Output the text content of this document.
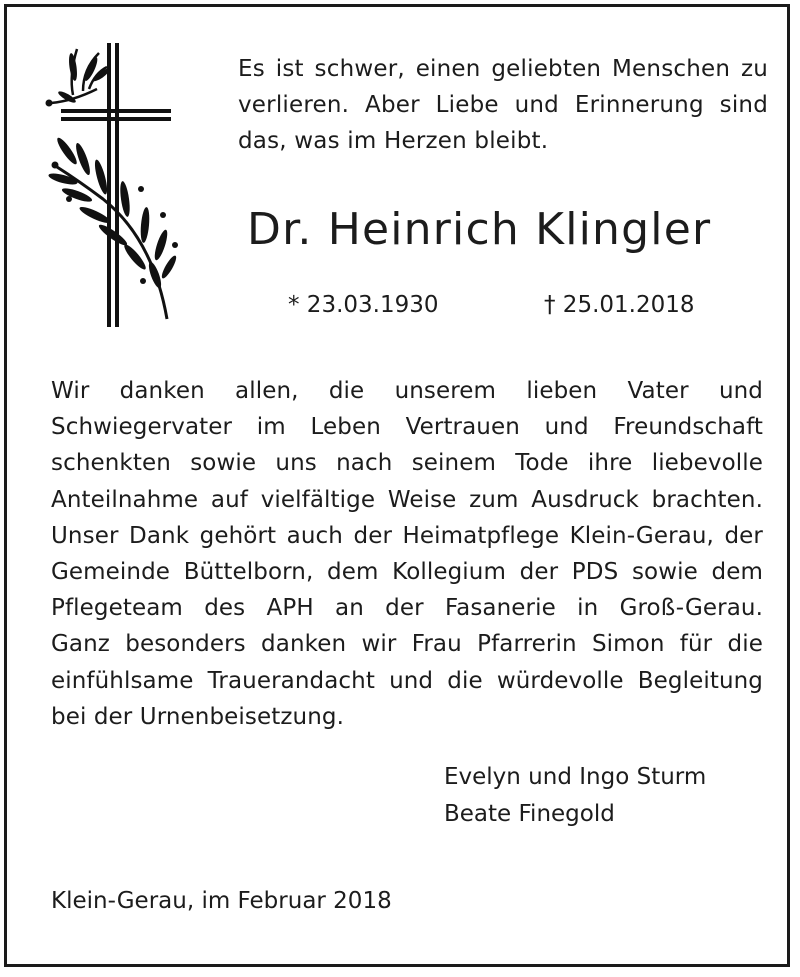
Es ist schwer, einen geliebten Menschen zu
verlieren. Aber Liebe und Erinnerung sind
das, was im Herzen bleibt.
Dr. Heinrich Klingler
* 23.03.1930	† 25.01.2018
Wir danken allen, die unserem lieben Vater und
Schwiegervater im Leben Vertrauen und Freundschaft
schenkten sowie uns nach seinem Tode ihre liebevolle
Anteilnahme auf vielfältige Weise zum Ausdruck brachten.
Unser Dank gehört auch der Heimatpflege Klein-Gerau, der
Gemeinde Büttelborn, dem Kollegium der PDS sowie dem
Pflegeteam des APH an der Fasanerie in Groß-Gerau.
Ganz besonders danken wir Frau Pfarrerin Simon für die
einfühlsame Trauerandacht und die würdevolle Begleitung
bei der Urnenbeisetzung.
Evelyn und Ingo Sturm
Beate Finegold
Klein-Gerau, im Februar 2018
